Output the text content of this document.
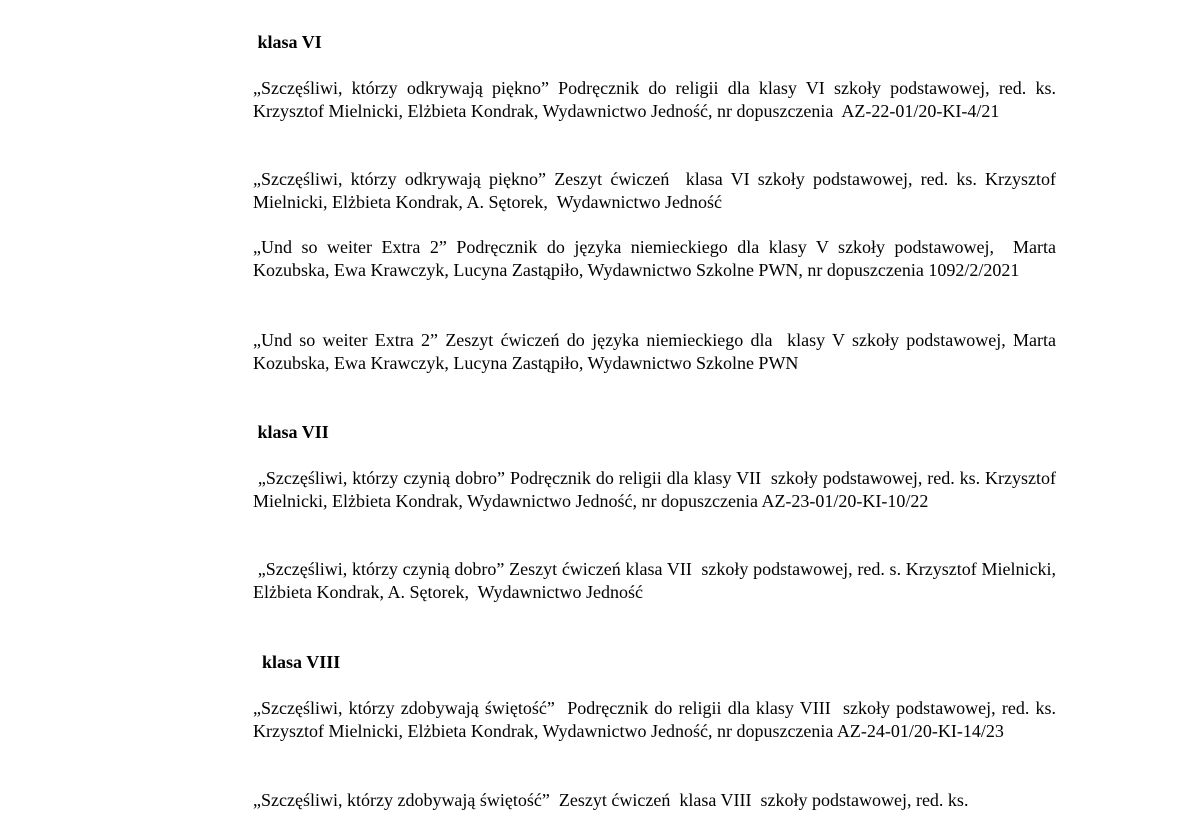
klasa VI
„Szczęśliwi, którzy odkrywają piękno” Podręcznik do religii dla klasy VI szkoły podstawowej, red. ks. Krzysztof Mielnicki, Elżbieta Kondrak, Wydawnictwo Jedność, nr dopuszczenia  AZ-22-01/20-KI-4/21
„Szczęśliwi, którzy odkrywają piękno” Zeszyt ćwiczeń  klasa VI szkoły podstawowej, red. ks. Krzysztof Mielnicki, Elżbieta Kondrak, A. Sętorek,  Wydawnictwo Jedność
„Und so weiter Extra 2” Podręcznik do języka niemieckiego dla klasy V szkoły podstawowej,  Marta Kozubska, Ewa Krawczyk, Lucyna Zastąpiło, Wydawnictwo Szkolne PWN, nr dopuszczenia 1092/2/2021
„Und so weiter Extra 2” Zeszyt ćwiczeń do języka niemieckiego dla  klasy V szkoły podstawowej, Marta Kozubska, Ewa Krawczyk, Lucyna Zastąpiło, Wydawnictwo Szkolne PWN
klasa VII
„Szczęśliwi, którzy czynią dobro” Podręcznik do religii dla klasy VII  szkoły podstawowej, red. ks. Krzysztof Mielnicki, Elżbieta Kondrak, Wydawnictwo Jedność, nr dopuszczenia AZ-23-01/20-KI-10/22
„Szczęśliwi, którzy czynią dobro” Zeszyt ćwiczeń klasa VII  szkoły podstawowej, red. s. Krzysztof Mielnicki, Elżbieta Kondrak, A. Sętorek,  Wydawnictwo Jedność
klasa VIII
„Szczęśliwi, którzy zdobywają świętość”  Podręcznik do religii dla klasy VIII  szkoły podstawowej, red. ks. Krzysztof Mielnicki, Elżbieta Kondrak, Wydawnictwo Jedność, nr dopuszczenia AZ-24-01/20-KI-14/23
„Szczęśliwi, którzy zdobywają świętość”  Zeszyt ćwiczeń  klasa VIII  szkoły podstawowej, red. ks.
